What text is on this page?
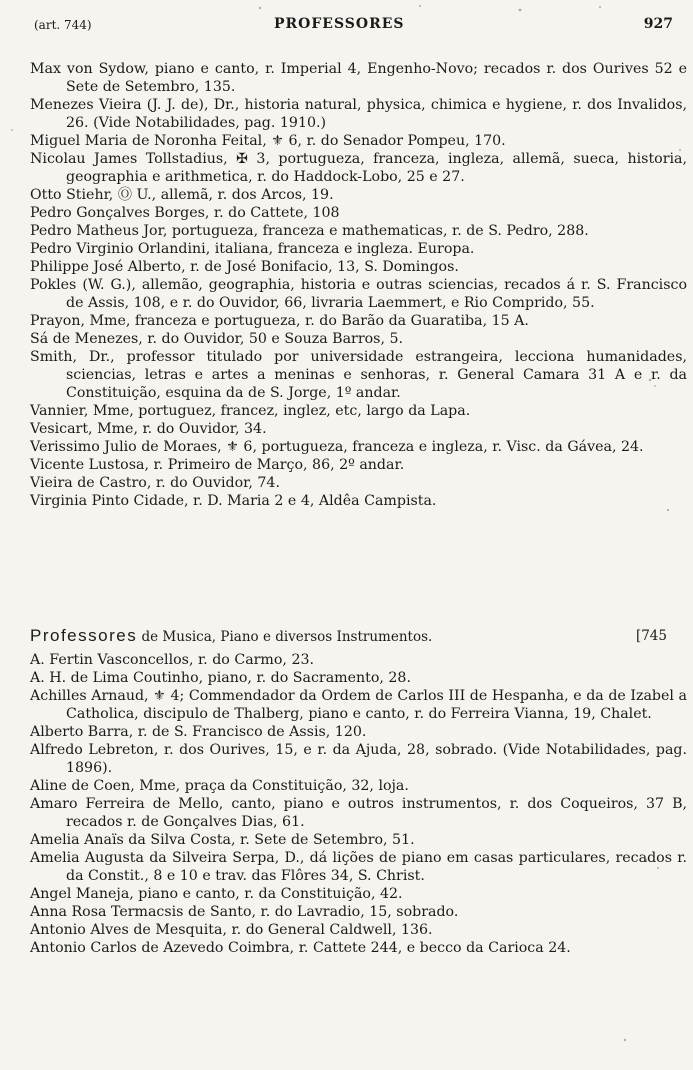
(art. 744)	PROFESSORES	927

Max von Sydow, piano e canto, r. Imperial 4, Engenho-Novo; recados r. dos Ourives 52 e Sete de Setembro, 135.

Menezes Vieira (J. J. de), Dr., historia natural, physica, chimica e hygiene, r. dos Invalidos, 26. (Vide Notabilidades, pag. 1910.)

Miguel Maria de Noronha Feital, ⚜ 6, r. do Senador Pompeu, 170.

Nicolau James Tollstadius, ✠ 3, portugueza, franceza, ingleza, allemã, sueca, historia, geographia e arithmetica, r. do Haddock-Lobo, 25 e 27.

Otto Stiehr, Ⓞ U., allemã, r. dos Arcos, 19.

Pedro Gonçalves Borges, r. do Cattete, 108

Pedro Matheus Jor, portugueza, franceza e mathematicas, r. de S. Pedro, 288.

Pedro Virginio Orlandini, italiana, franceza e ingleza. Europa.

Philippe José Alberto, r. de José Bonifacio, 13, S. Domingos.

Pokles (W. G.), allemão, geographia, historia e outras sciencias, recados á r. S. Francisco de Assis, 108, e r. do Ouvidor, 66, livraria Laemmert, e Rio Comprido, 55.

Prayon, Mme, franceza e portugueza, r. do Barão da Guaratiba, 15 A.

Sá de Menezes, r. do Ouvidor, 50 e Souza Barros, 5.

Smith, Dr., professor titulado por universidade estrangeira, lecciona humanidades, sciencias, letras e artes a meninas e senhoras, r. General Camara 31 A e r. da Constituição, esquina da de S. Jorge, 1º andar.

Vannier, Mme, portuguez, francez, inglez, etc, largo da Lapa.

Vesicart, Mme, r. do Ouvidor, 34.

Verissimo Julio de Moraes, ⚜ 6, portugueza, franceza e ingleza, r. Visc. da Gávea, 24.

Vicente Lustosa, r. Primeiro de Março, 86, 2º andar.

Vieira de Castro, r. do Ouvidor, 74.

Virginia Pinto Cidade, r. D. Maria 2 e 4, Aldêa Campista.

Professores de Musica, Piano e diversos Instrumentos.	[745

A. Fertin Vasconcellos, r. do Carmo, 23.

A. H. de Lima Coutinho, piano, r. do Sacramento, 28.

Achilles Arnaud, ⚜ 4; Commendador da Ordem de Carlos III de Hespanha, e da de Izabel a Catholica, discipulo de Thalberg, piano e canto, r. do Ferreira Vianna, 19, Chalet.

Alberto Barra, r. de S. Francisco de Assis, 120.

Alfredo Lebreton, r. dos Ourives, 15, e r. da Ajuda, 28, sobrado. (Vide Notabilidades, pag. 1896).

Aline de Coen, Mme, praça da Constituição, 32, loja.

Amaro Ferreira de Mello, canto, piano e outros instrumentos, r. dos Coqueiros, 37 B, recados r. de Gonçalves Dias, 61.

Amelia Anaïs da Silva Costa, r. Sete de Setembro, 51.

Amelia Augusta da Silveira Serpa, D., dá lições de piano em casas particulares, recados r. da Constit., 8 e 10 e trav. das Flôres 34, S. Christ.

Angel Maneja, piano e canto, r. da Constituição, 42.

Anna Rosa Termacsis de Santo, r. do Lavradio, 15, sobrado.

Antonio Alves de Mesquita, r. do General Caldwell, 136.

Antonio Carlos de Azevedo Coimbra, r. Cattete 244, e becco da Carioca 24.
